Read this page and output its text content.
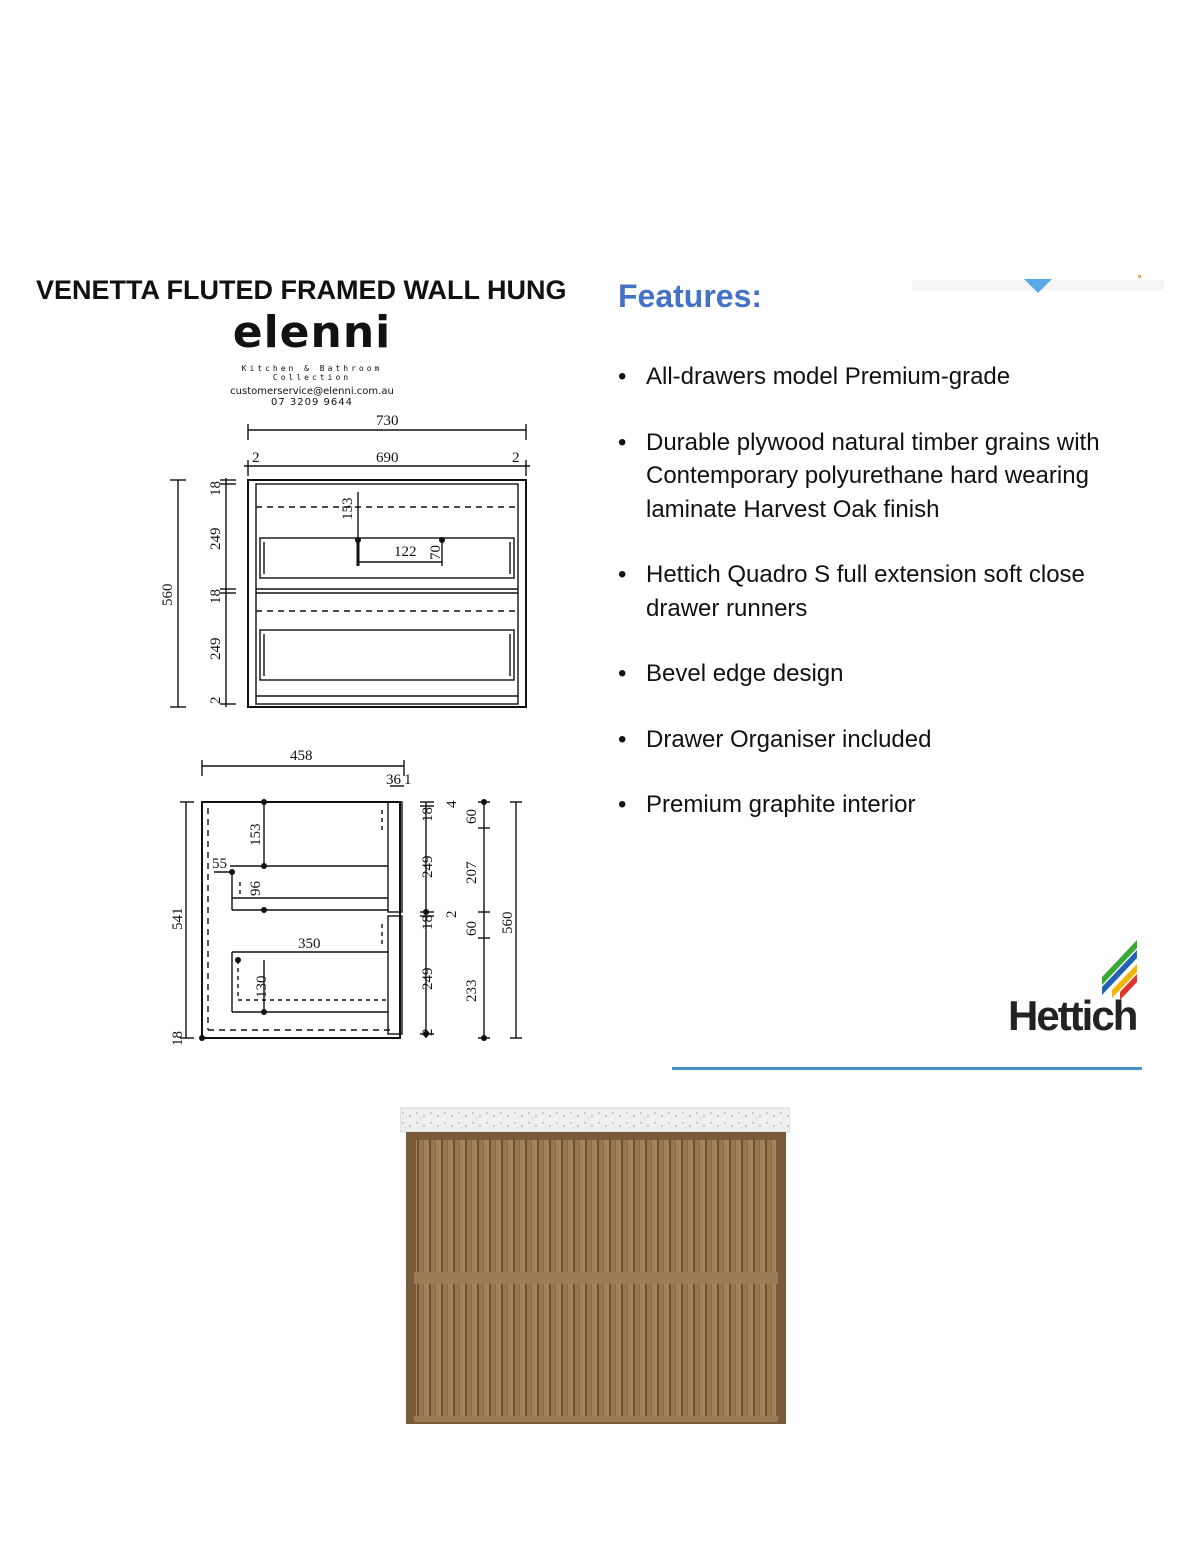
VENETTA FLUTED FRAMED WALL HUNG
elenni
Kitchen & Bathroom Collection
customerservice@elenni.com.au
07 3209 9644
Features:
• All-drawers model Premium-grade
• Durable plywood natural timber grains with Contemporary polyurethane hard wearing laminate Harvest Oak finish
• Hettich Quadro S full extension soft close drawer runners
• Bevel edge design
• Drawer Organiser included
• Premium graphite interior
Hettich
730
690
2	2
122
153
70
560
18
249
18
249
2
458
36 1
55
350
153
96
130
541
18
18
249
18
249
2
4
60
207
2
60
233
560
